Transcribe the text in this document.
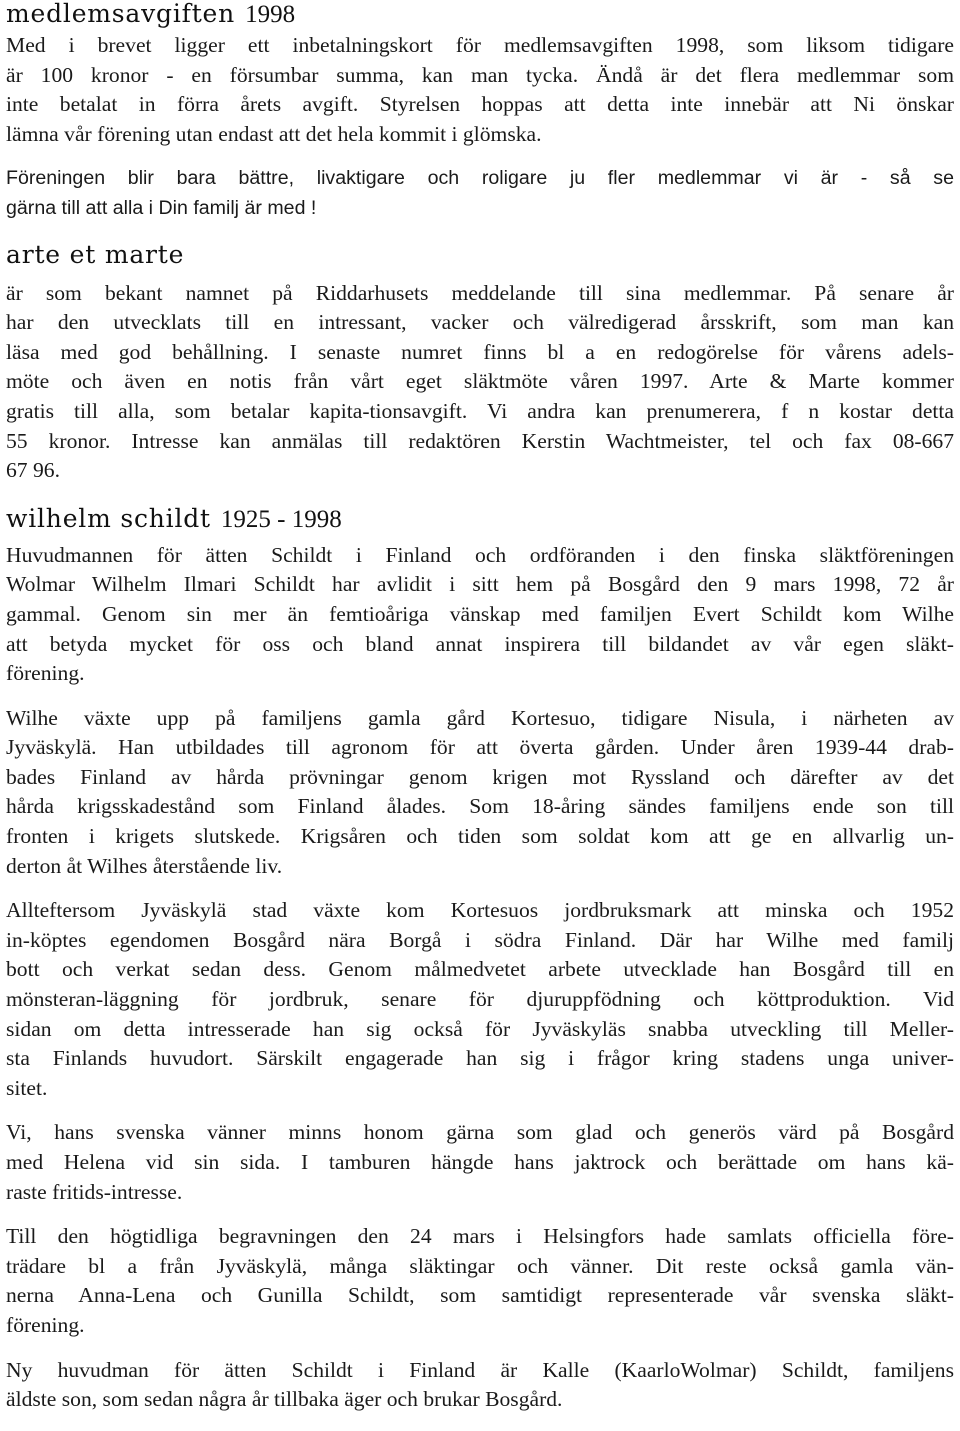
medlemsavgiften 1998

Med i brevet ligger ett inbetalningskort för medlemsavgiften 1998, som liksom tidigare
är 100 kronor - en försumbar summa, kan man tycka. Ändå är det flera medlemmar som
inte betalat in förra årets avgift. Styrelsen hoppas att detta inte innebär att Ni önskar
lämna vår förening utan endast att det hela kommit i glömska.

Föreningen blir bara bättre, livaktigare och roligare ju fler medlemmar vi är - så se
gärna till att alla i Din familj är med !

arte et marte

är som bekant namnet på Riddarhusets meddelande till sina medlemmar. På senare år
har den utvecklats till en intressant, vacker och välredigerad årsskrift, som man kan
läsa med god behållning. I senaste numret finns bl a en redogörelse för vårens adels-
möte och även en notis från vårt eget släktmöte våren 1997. Arte & Marte kommer
gratis till alla, som betalar kapita-tionsavgift. Vi andra kan prenumerera, f n kostar detta
55 kronor. Intresse kan anmälas till redaktören Kerstin Wachtmeister, tel och fax 08-667
67 96.

wilhelm schildt 1925 - 1998

Huvudmannen för ätten Schildt i Finland och ordföranden i den finska släktföreningen
Wolmar Wilhelm Ilmari Schildt har avlidit i sitt hem på Bosgård den 9 mars 1998, 72 år
gammal. Genom sin mer än femtioåriga vänskap med familjen Evert Schildt kom Wilhe
att betyda mycket för oss och bland annat inspirera till bildandet av vår egen släkt-
förening.

Wilhe växte upp på familjens gamla gård Kortesuo, tidigare Nisula, i närheten av
Jyväskylä. Han utbildades till agronom för att överta gården. Under åren 1939-44 drab-
bades Finland av hårda prövningar genom krigen mot Ryssland och därefter av det
hårda krigsskadestånd som Finland ålades. Som 18-åring sändes familjens ende son till
fronten i krigets slutskede. Krigsåren och tiden som soldat kom att ge en allvarlig un-
derton åt Wilhes återstående liv.

Allteftersom Jyväskylä stad växte kom Kortesuos jordbruksmark att minska och 1952
in-köptes egendomen Bosgård nära Borgå i södra Finland. Där har Wilhe med familj
bott och verkat sedan dess. Genom målmedvetet arbete utvecklade han Bosgård till en
mönsteran-läggning för jordbruk, senare för djuruppfödning och köttproduktion. Vid
sidan om detta intresserade han sig också för Jyväskyläs snabba utveckling till Meller-
sta Finlands huvudort. Särskilt engagerade han sig i frågor kring stadens unga univer-
sitet.

Vi, hans svenska vänner minns honom gärna som glad och generös värd på Bosgård
med Helena vid sin sida. I tamburen hängde hans jaktrock och berättade om hans kä-
raste fritids-intresse.

Till den högtidliga begravningen den 24 mars i Helsingfors hade samlats officiella före-
trädare bl a från Jyväskylä, många släktingar och vänner. Dit reste också gamla vän-
nerna Anna-Lena och Gunilla Schildt, som samtidigt representerade vår svenska släkt-
förening.

Ny huvudman för ätten Schildt i Finland är Kalle (KaarloWolmar) Schildt, familjens
äldste son, som sedan några år tillbaka äger och brukar Bosgård.
